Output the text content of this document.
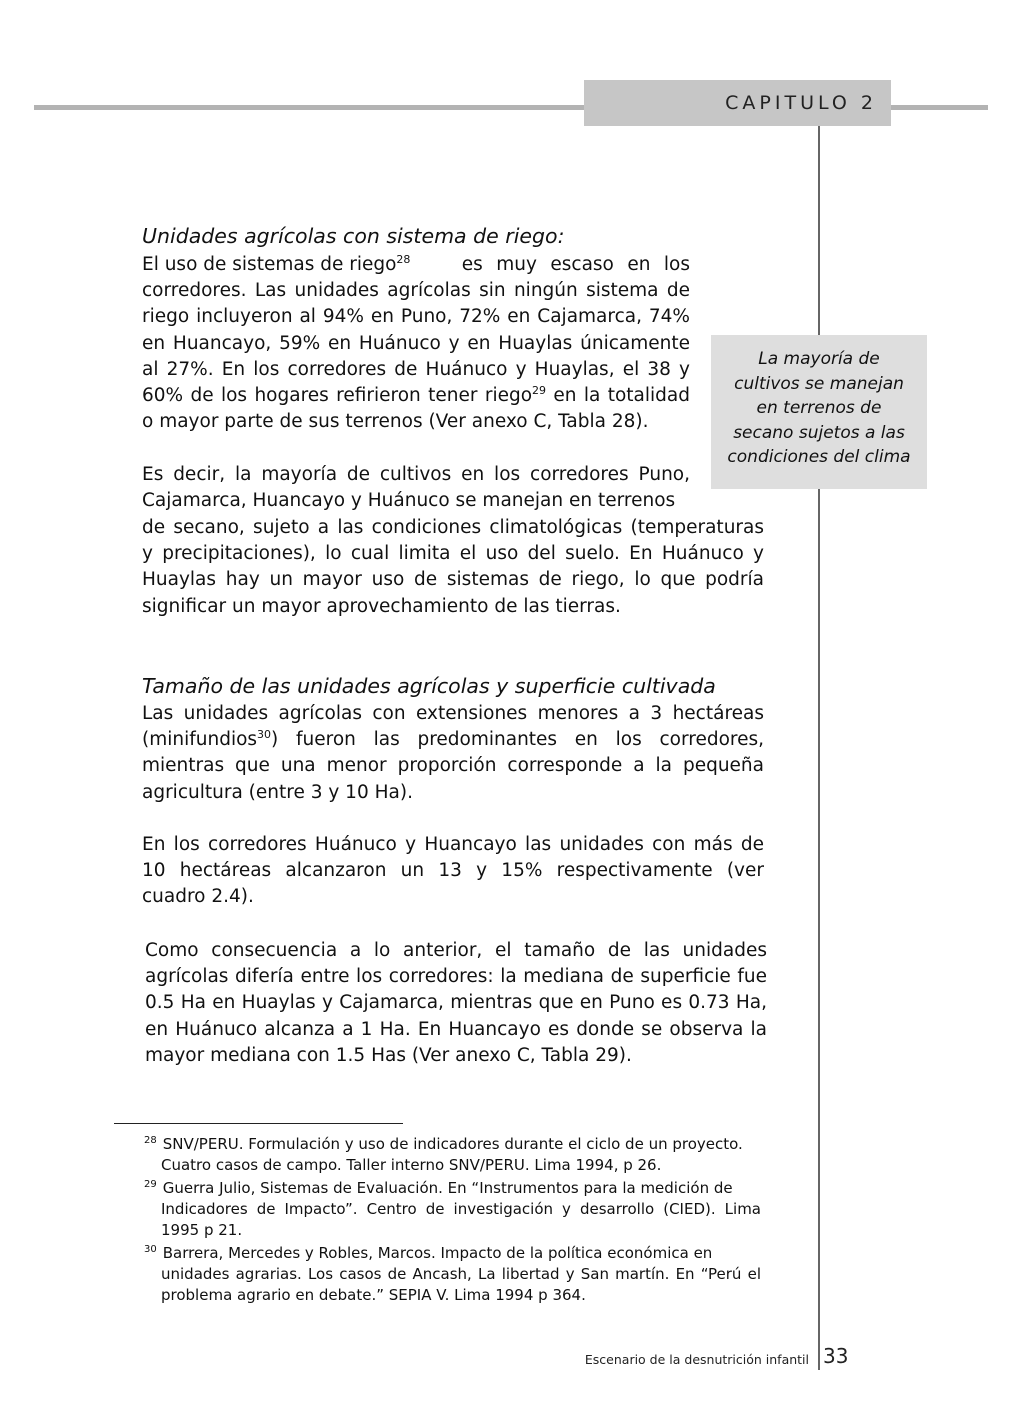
CAPITULO 2
Unidades agrícolas con sistema de riego:
El uso de sistemas de riego$^{28}$	es muy escaso en los corredores. Las unidades agrícolas sin ningún sistema de riego incluyeron al 94% en Puno, 72% en Cajamarca, 74% en Huancayo, 59% en Huánuco y en Huaylas únicamente al 27%. En los corredores de Huánuco y Huaylas, el 38 y 60% de los hogares refirieron tener riego$^{29}$ en la totalidad o mayor parte de sus terrenos (Ver anexo C, Tabla 28).
Es decir, la mayoría de cultivos en los corredores Puno, Cajamarca, Huancayo y Huánuco se manejan en terrenos
de secano, sujeto a las condiciones climatológicas (temperaturas y precipitaciones), lo cual limita el uso del suelo. En Huánuco y Huaylas hay un mayor uso de sistemas de riego, lo que podría significar un mayor aprovechamiento de las tierras.
La mayoría de
cultivos se manejan
en terrenos de
secano sujetos a las
condiciones del clima
Tamaño de las unidades agrícolas y superficie cultivada
Las unidades agrícolas con extensiones menores a 3 hectáreas (minifundios$^{30}$) fueron las predominantes en los corredores, mientras que una menor proporción corresponde a la pequeña agricultura (entre 3 y 10 Ha).
En los corredores Huánuco y Huancayo las unidades con más de 10 hectáreas alcanzaron un 13 y 15% respectivamente (ver cuadro 2.4).
Como consecuencia a lo anterior, el tamaño de las unidades agrícolas difería entre los corredores: la mediana de superficie fue 0.5 Ha en Huaylas y Cajamarca, mientras que en Puno es 0.73 Ha, en Huánuco alcanza a 1 Ha. En Huancayo es donde se observa la mayor mediana con 1.5 Has (Ver anexo C, Tabla 29).
$^{28}$ SNV/PERU. Formulación y uso de indicadores durante el ciclo de un proyecto.
Cuatro casos de campo. Taller interno SNV/PERU. Lima 1994, p 26.
$^{29}$ Guerra Julio, Sistemas de Evaluación. En “Instrumentos para la medición de
Indicadores de Impacto”. Centro de investigación y desarrollo (CIED). Lima 1995 p 21.
$^{30}$ Barrera, Mercedes y Robles, Marcos. Impacto de la política económica en
unidades agrarias. Los casos de Ancash, La libertad y San martín. En “Perú el problema agrario en debate.” SEPIA V. Lima 1994 p 364.
Escenario de la desnutrición infantil 33
